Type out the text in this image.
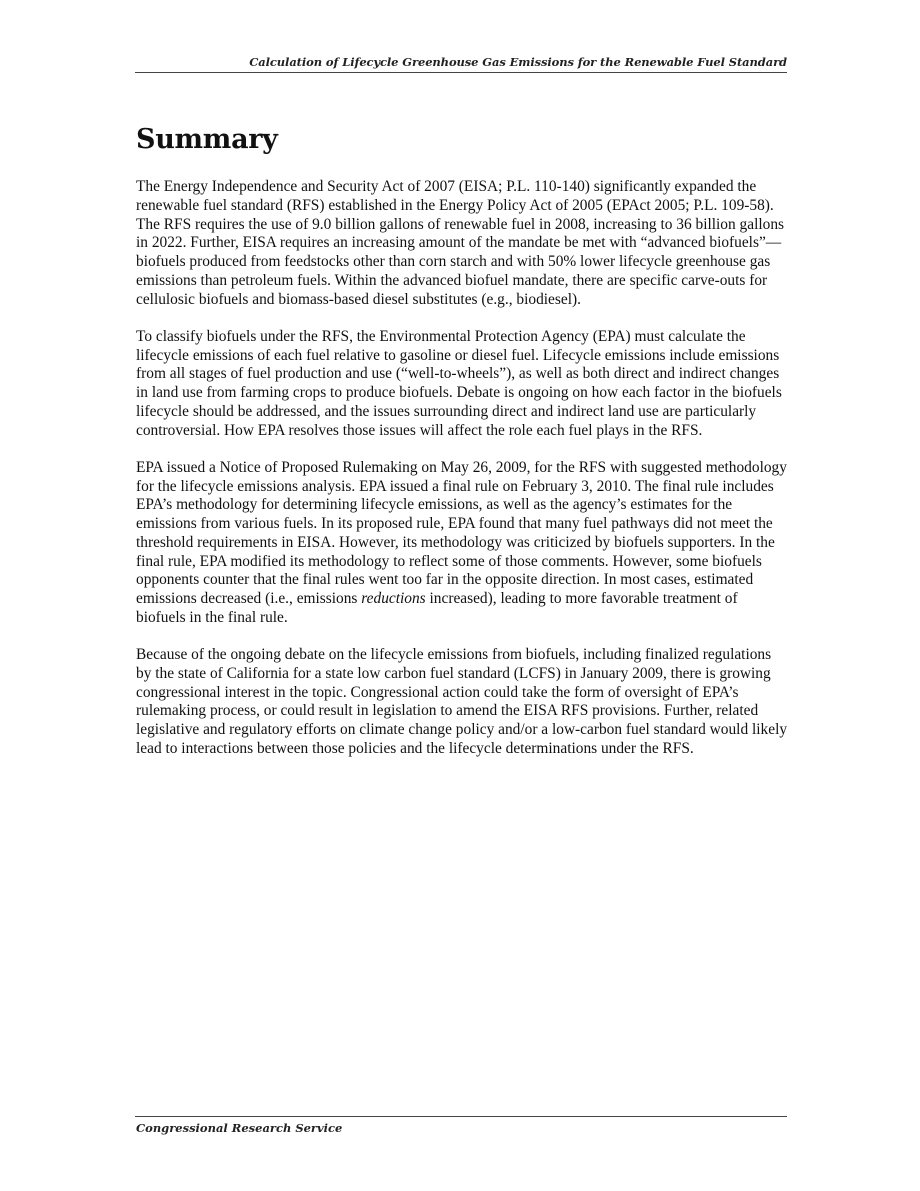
Calculation of Lifecycle Greenhouse Gas Emissions for the Renewable Fuel Standard
Summary

The Energy Independence and Security Act of 2007 (EISA; P.L. 110-140) significantly expanded the renewable fuel standard (RFS) established in the Energy Policy Act of 2005 (EPAct 2005; P.L. 109-58). The RFS requires the use of 9.0 billion gallons of renewable fuel in 2008, increasing to 36 billion gallons in 2022. Further, EISA requires an increasing amount of the mandate be met with “advanced biofuels”—biofuels produced from feedstocks other than corn starch and with 50% lower lifecycle greenhouse gas emissions than petroleum fuels. Within the advanced biofuel mandate, there are specific carve-outs for cellulosic biofuels and biomass-based diesel substitutes (e.g., biodiesel).

To classify biofuels under the RFS, the Environmental Protection Agency (EPA) must calculate the lifecycle emissions of each fuel relative to gasoline or diesel fuel. Lifecycle emissions include emissions from all stages of fuel production and use (“well-to-wheels”), as well as both direct and indirect changes in land use from farming crops to produce biofuels. Debate is ongoing on how each factor in the biofuels lifecycle should be addressed, and the issues surrounding direct and indirect land use are particularly controversial. How EPA resolves those issues will affect the role each fuel plays in the RFS.

EPA issued a Notice of Proposed Rulemaking on May 26, 2009, for the RFS with suggested methodology for the lifecycle emissions analysis. EPA issued a final rule on February 3, 2010. The final rule includes EPA’s methodology for determining lifecycle emissions, as well as the agency’s estimates for the emissions from various fuels. In its proposed rule, EPA found that many fuel pathways did not meet the threshold requirements in EISA. However, its methodology was criticized by biofuels supporters. In the final rule, EPA modified its methodology to reflect some of those comments. However, some biofuels opponents counter that the final rules went too far in the opposite direction. In most cases, estimated emissions decreased (i.e., emissions reductions increased), leading to more favorable treatment of biofuels in the final rule.

Because of the ongoing debate on the lifecycle emissions from biofuels, including finalized regulations by the state of California for a state low carbon fuel standard (LCFS) in January 2009, there is growing congressional interest in the topic. Congressional action could take the form of oversight of EPA’s rulemaking process, or could result in legislation to amend the EISA RFS provisions. Further, related legislative and regulatory efforts on climate change policy and/or a low-carbon fuel standard would likely lead to interactions between those policies and the lifecycle determinations under the RFS.

Congressional Research Service
